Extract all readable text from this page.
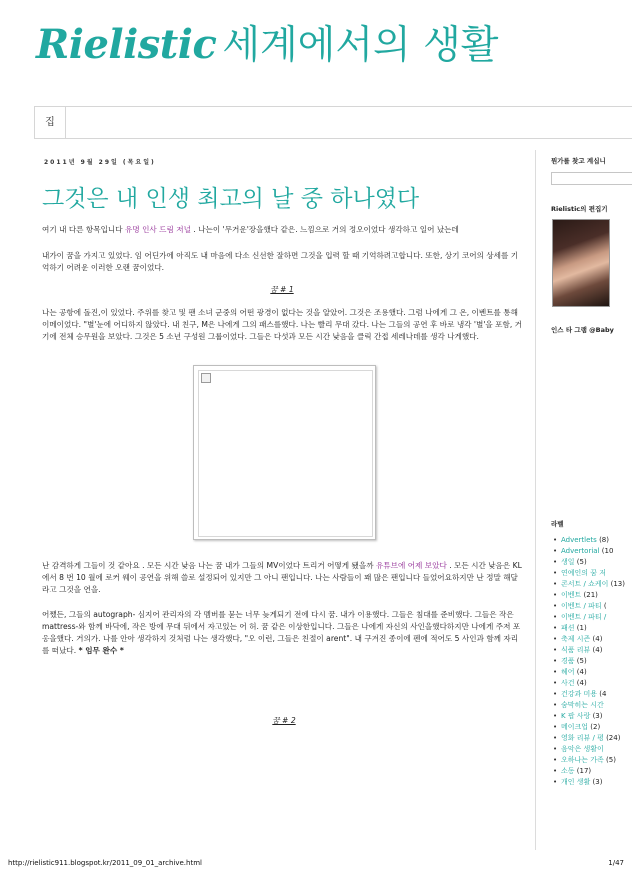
Rielistic 세계에서의 생활
집
2011년 9월 29일 (목요일)
그것은 내 인생 최고의 날 중 하나였다

여기 내 다른 항목입니다 유명 인사 드림 저널 . 나는이 '무거운'장을했다 같은. 느낌으로 거의 정오이었다 생각하고 일어 났는데

내가이 꿈을 가지고 있었다. 임 어딘가에 아직도 내 마음에 다소 신선한 잘하면 그것을 입력 할 때 기억하려고합니다. 또한, 상기 코어의 상세를 기억하기 어려운 이러한 오랜 꿈이었다.

꿈 # 1

나는 공항에 돌진,이 있었다. 주위를 찾고 및 팬 소녀 군중의 어떤 광경이 없다는 것을 알았어. 그것은 조용했다. 그럼 나에게 그 온, 이벤트를 통해 이메이었다. "별'눈에 어디하지 않았다. 내 친구, M은 나에게 그의 패스를했다. 나는 빨리 무대 갔다. 나는 그들의 공연 후 바로 냉각 '별'을 포함, 거기에 전체 승무원을 보았다. 그것은 5 소년 구성원 그룹이었다. 그들은 다섯과 모든 시간 낮음을 클릭 간접 세레나데를 생각 나게했다.

난 감격하게 그들이 것 같아요 . 모든 시간 낮음 나는 꿈 내가 그들의 MV이었다 트리거 어떻게 됐을까 유튜브에 어제 보았다 . 모든 시간 낮음은 KL에서 8 번 10 월에 로커 웨이 공연을 위해 쓸로 설정되어 있지만 그 아니 팬입니다. 나는 사람들이 꽤 많은 팬입니다 들었어요하지만 난 정말 해달라고 그것을 연을.

어쨌든, 그들의 autograph- 심지어 관리자의 각 멤버를 묻는 너무 늦게되기 전에 다시 꿈. 내가 이용했다. 그들은 침대를 준비했다. 그들은 작은 mattress-와 함께 바닥에, 작은 방에 무대 뒤에서 자고있는 어 허. 꿈 같은 이상한입니다. 그들은 나에게 자신의 사인을했다하지만 나에게 주저 포옹을했다. 거의가. 나를 안아 생각하지 것처럼 나는 생각했다, "오 이런, 그들은 친절이 arent". 내 구겨진 종이에 펜에 적어도 5 사인과 함께 자리를 떠났다. * 임무 완수 *

꿈 # 2

뭔가를 찾고 계십니
Rielistic의 편집기
인스 타 그램 @Baby
라벨
• Advertlets (8)
• Advertorial (10
• 생일 (5)
• 연예인의 꿈 저
• 콘서트 / 쇼케이 (13)
• 이벤트 (21)
• 이벤트 / 파티 (
• 이벤트 / 파티 /
• 패션 (1)
• 축제 시즌 (4)
• 식품 리뷰 (4)
• 경품 (5)
• 헤어 (4)
• 사건 (4)
• 건강과 미용 (4
• 숨막히는 시간
• K 팝 사랑 (3)
• 메이크업 (2)
• 영화 리뷰 / 평 (24)
• 음악은 생활이
• 오하나는 가족 (5)
• 소동 (17)
• 개인 생활 (3)
http://rielistic911.blogspot.kr/2011_09_01_archive.html	1/47
